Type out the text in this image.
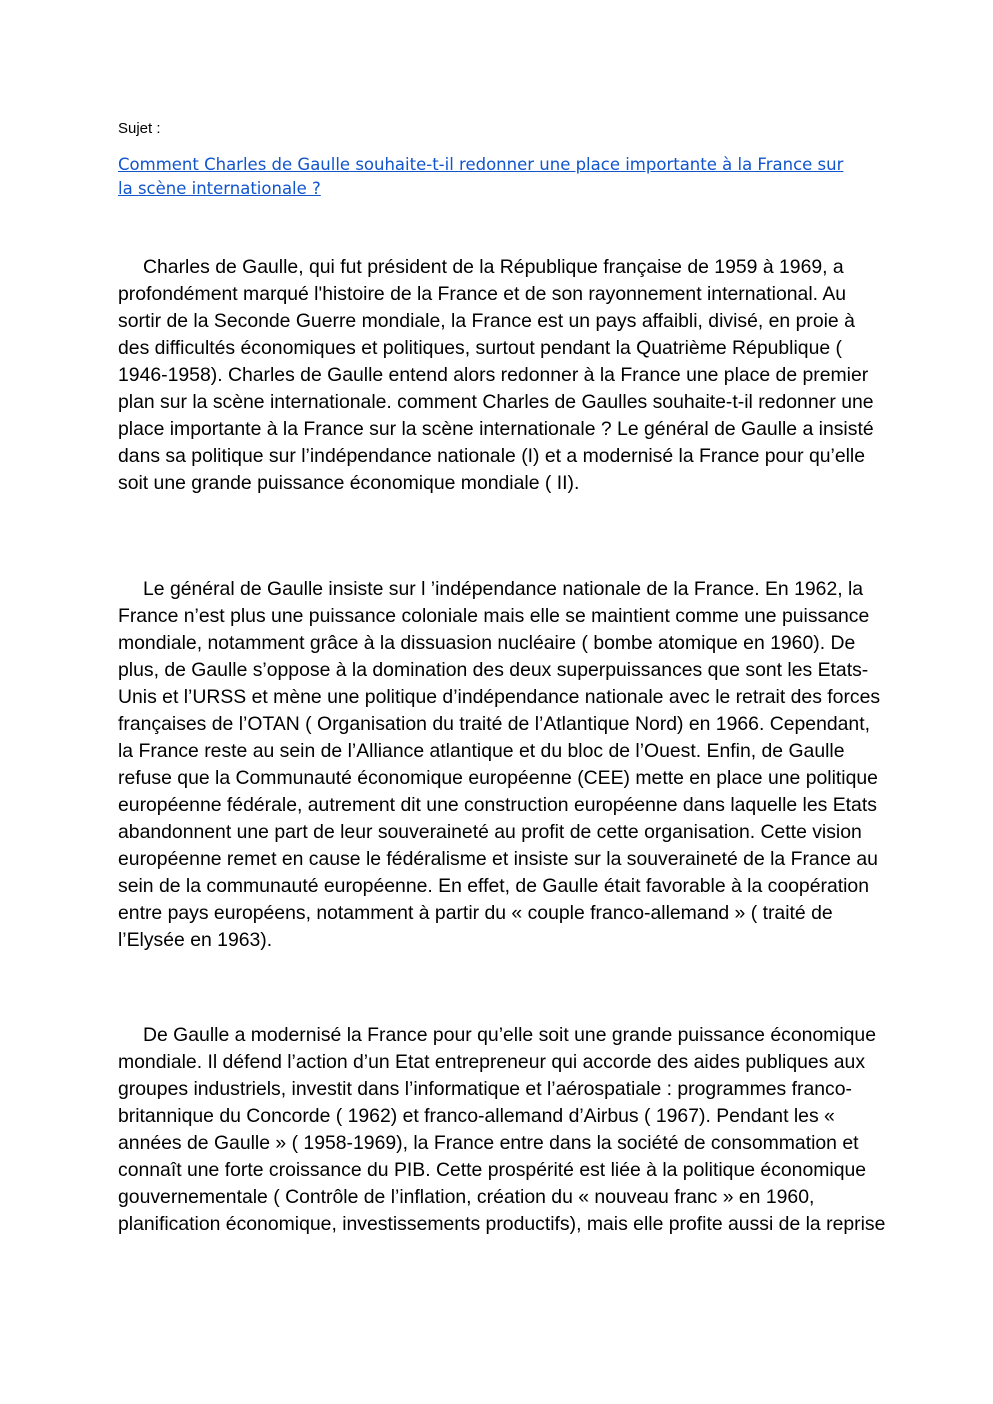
Sujet :

Comment Charles de Gaulle souhaite-t-il redonner une place importante à la France sur la scène internationale ?

Charles de Gaulle, qui fut président de la République française de 1959 à 1969, a profondément marqué l'histoire de la France et de son rayonnement international. Au sortir de la Seconde Guerre mondiale, la France est un pays affaibli, divisé, en proie à des difficultés économiques et politiques, surtout pendant la Quatrième République ( 1946-1958). Charles de Gaulle entend alors redonner à la France une place de premier plan sur la scène internationale. comment Charles de Gaulles souhaite-t-il redonner une place importante à la France sur la scène internationale ? Le général de Gaulle a insisté dans sa politique sur l’indépendance nationale (I) et a modernisé la France pour qu’elle soit une grande puissance économique mondiale ( II).

Le général de Gaulle insiste sur l ’indépendance nationale de la France. En 1962, la France n’est plus une puissance coloniale mais elle se maintient comme une puissance mondiale, notamment grâce à la dissuasion nucléaire ( bombe atomique en 1960). De plus, de Gaulle s’oppose à la domination des deux superpuissances que sont les Etats-Unis et l’URSS et mène une politique d’indépendance nationale avec le retrait des forces françaises de l’OTAN ( Organisation du traité de l’Atlantique Nord) en 1966. Cependant, la France reste au sein de l’Alliance atlantique et du bloc de l’Ouest. Enfin, de Gaulle refuse que la Communauté économique européenne (CEE) mette en place une politique européenne fédérale, autrement dit une construction européenne dans laquelle les Etats abandonnent une part de leur souveraineté au profit de cette organisation. Cette vision européenne remet en cause le fédéralisme et insiste sur la souveraineté de la France au sein de la communauté européenne. En effet, de Gaulle était favorable à la coopération entre pays européens, notamment à partir du « couple franco-allemand » ( traité de l’Elysée en 1963).

De Gaulle a modernisé la France pour qu’elle soit une grande puissance économique mondiale. Il défend l’action d’un Etat entrepreneur qui accorde des aides publiques aux groupes industriels, investit dans l’informatique et l’aérospatiale : programmes franco-britannique du Concorde ( 1962) et franco-allemand d’Airbus ( 1967). Pendant les « années de Gaulle » ( 1958-1969), la France entre dans la société de consommation et connaît une forte croissance du PIB. Cette prospérité est liée à la politique économique gouvernementale ( Contrôle de l’inflation, création du « nouveau franc » en 1960, planification économique, investissements productifs), mais elle profite aussi de la reprise
